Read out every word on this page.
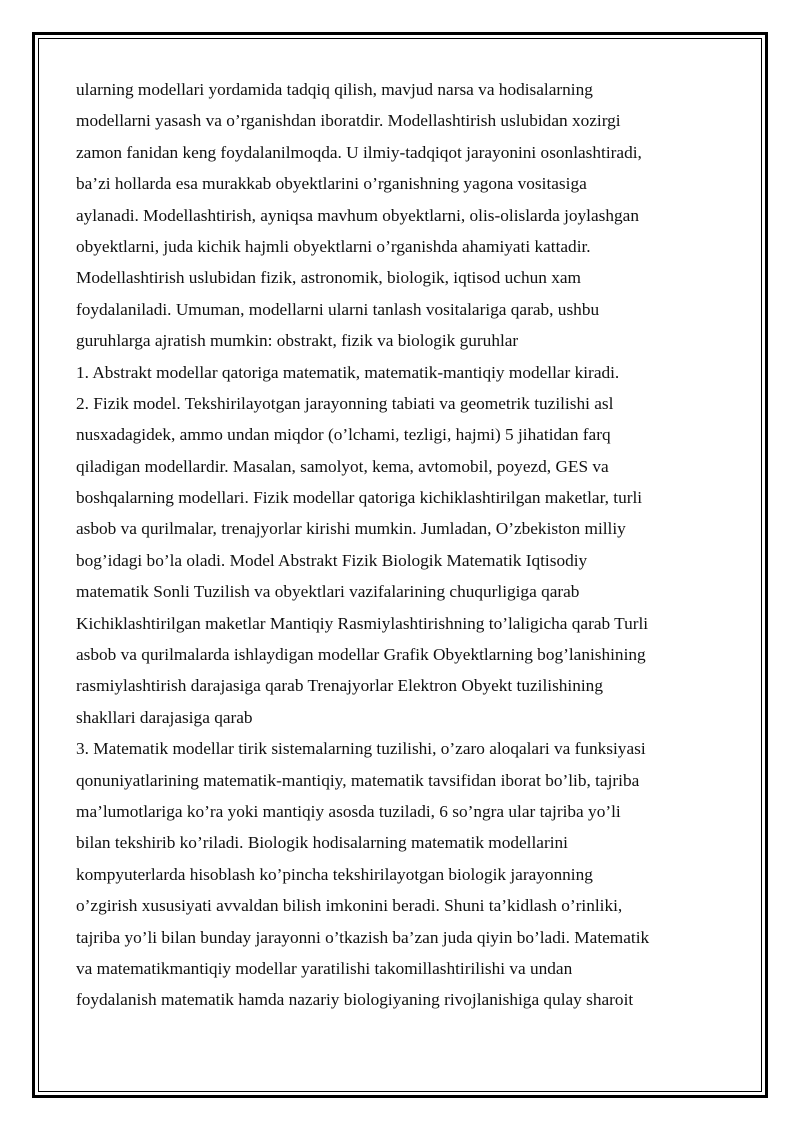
ularning modellari yordamida tadqiq qilish, mavjud narsa va hodisalarning
modellarni yasash va o’rganishdan iboratdir. Modellashtirish uslubidan xozirgi
zamon fanidan keng foydalanilmoqda. U ilmiy-tadqiqot jarayonini osonlashtiradi,
ba’zi hollarda esa murakkab obyektlarini o’rganishning yagona vositasiga
aylanadi. Modellashtirish, ayniqsa mavhum obyektlarni, olis-olislarda joylashgan
obyektlarni, juda kichik hajmli obyektlarni o’rganishda ahamiyati kattadir.
Modellashtirish uslubidan fizik, astronomik, biologik, iqtisod uchun xam
foydalaniladi. Umuman, modellarni ularni tanlash vositalariga qarab, ushbu
guruhlarga ajratish mumkin: obstrakt, fizik va biologik guruhlar
1. Abstrakt modellar qatoriga matematik, matematik-mantiqiy modellar kiradi.
2. Fizik model. Tekshirilayotgan jarayonning tabiati va geometrik tuzilishi asl
nusxadagidek, ammo undan miqdor (o’lchami, tezligi, hajmi) 5 jihatidan farq
qiladigan modellardir. Masalan, samolyot, kema, avtomobil, poyezd, GES va
boshqalarning modellari. Fizik modellar qatoriga kichiklashtirilgan maketlar, turli
asbob va qurilmalar, trenajyorlar kirishi mumkin. Jumladan, O’zbekiston milliy
bog’idagi bo’la oladi. Model Abstrakt Fizik Biologik Matematik Iqtisodiy
matematik Sonli Tuzilish va obyektlari vazifalarining chuqurligiga qarab
Kichiklashtirilgan maketlar Mantiqiy Rasmiylashtirishning to’laligicha qarab Turli
asbob va qurilmalarda ishlaydigan modellar Grafik Obyektlarning bog’lanishining
rasmiylashtirish darajasiga qarab Trenajyorlar Elektron Obyekt tuzilishining
shakllari darajasiga qarab
3. Matematik modellar tirik sistemalarning tuzilishi, o’zaro aloqalari va funksiyasi
qonuniyatlarining matematik-mantiqiy, matematik tavsifidan iborat bo’lib, tajriba
ma’lumotlariga ko’ra yoki mantiqiy asosda tuziladi, 6 so’ngra ular tajriba yo’li
bilan tekshirib ko’riladi. Biologik hodisalarning matematik modellarini
kompyuterlarda hisoblash ko’pincha tekshirilayotgan biologik jarayonning
o’zgirish xususiyati avvaldan bilish imkonini beradi. Shuni ta’kidlash o’rinliki,
tajriba yo’li bilan bunday jarayonni o’tkazish ba’zan juda qiyin bo’ladi. Matematik
va matematikmantiqiy modellar yaratilishi takomillashtirilishi va undan
foydalanish matematik hamda nazariy biologiyaning rivojlanishiga qulay sharoit
